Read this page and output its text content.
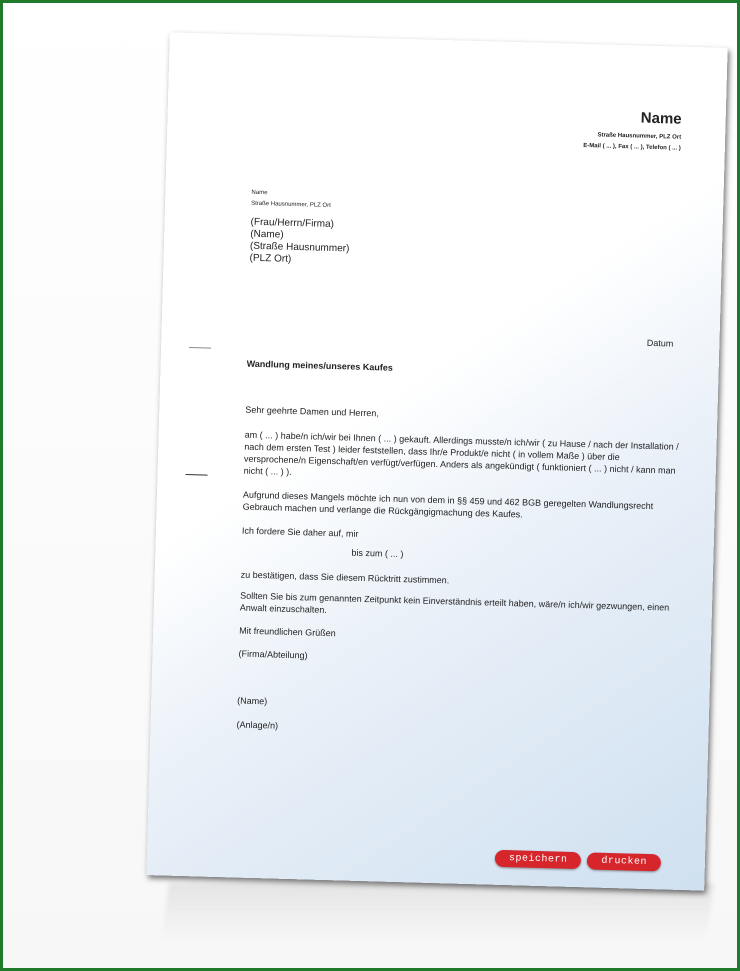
Name
Straße Hausnummer, PLZ Ort
E-Mail ( ... ), Fax ( ... ), Telefon ( ... )
Name
Straße Hausnummer, PLZ Ort
(Frau/Herrn/Firma)
(Name)
(Straße Hausnummer)
(PLZ Ort)
Datum
Wandlung meines/unseres Kaufes
Sehr geehrte Damen und Herren,
am ( ... ) habe/n ich/wir bei Ihnen ( ... ) gekauft. Allerdings musste/n ich/wir ( zu Hause / nach der Installation / nach dem ersten Test ) leider feststellen, dass Ihr/e Produkt/e nicht ( in vollem Maße ) über die versprochene/n Eigenschaft/en verfügt/verfügen. Anders als angekündigt ( funktioniert ( ... ) nicht / kann man nicht ( ... ) ).
Aufgrund dieses Mangels möchte ich nun von dem in §§ 459 und 462 BGB geregelten Wandlungsrecht Gebrauch machen und verlange die Rückgängigmachung des Kaufes.
Ich fordere Sie daher auf, mir
bis zum ( ... )
zu bestätigen, dass Sie diesem Rücktritt zustimmen.
Sollten Sie bis zum genannten Zeitpunkt kein Einverständnis erteilt haben, wäre/n ich/wir gezwungen, einen Anwalt einzuschalten.
Mit freundlichen Grüßen
(Firma/Abteilung)
(Name)
(Anlage/n)
speichern	drucken
